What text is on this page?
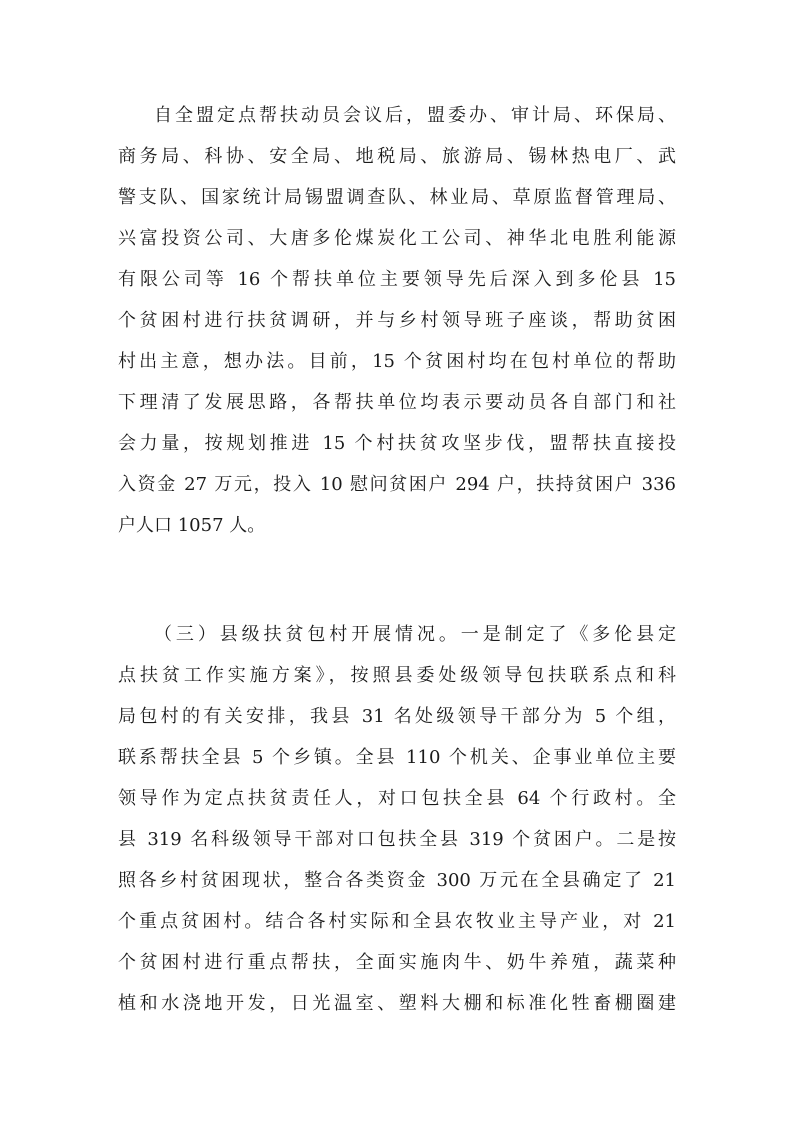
自全盟定点帮扶动员会议后，盟委办、审计局、环保局、
商务局、科协、安全局、地税局、旅游局、锡林热电厂、武
警支队、国家统计局锡盟调查队、林业局、草原监督管理局、
兴富投资公司、大唐多伦煤炭化工公司、神华北电胜利能源
有限公司等 16 个帮扶单位主要领导先后深入到多伦县 15
个贫困村进行扶贫调研，并与乡村领导班子座谈，帮助贫困
村出主意，想办法。目前，15 个贫困村均在包村单位的帮助
下理清了发展思路，各帮扶单位均表示要动员各自部门和社
会力量，按规划推进 15 个村扶贫攻坚步伐，盟帮扶直接投
入资金 27 万元，投入 10 慰问贫困户 294 户，扶持贫困户 336
户人口 1057 人。
（三）县级扶贫包村开展情况。一是制定了《多伦县定
点扶贫工作实施方案》，按照县委处级领导包扶联系点和科
局包村的有关安排，我县 31 名处级领导干部分为 5 个组，
联系帮扶全县 5 个乡镇。全县 110 个机关、企事业单位主要
领导作为定点扶贫责任人，对口包扶全县 64 个行政村。全
县 319 名科级领导干部对口包扶全县 319 个贫困户。二是按
照各乡村贫困现状，整合各类资金 300 万元在全县确定了 21
个重点贫困村。结合各村实际和全县农牧业主导产业，对 21
个贫困村进行重点帮扶，全面实施肉牛、奶牛养殖，蔬菜种
植和水浇地开发，日光温室、塑料大棚和标准化牲畜棚圈建
